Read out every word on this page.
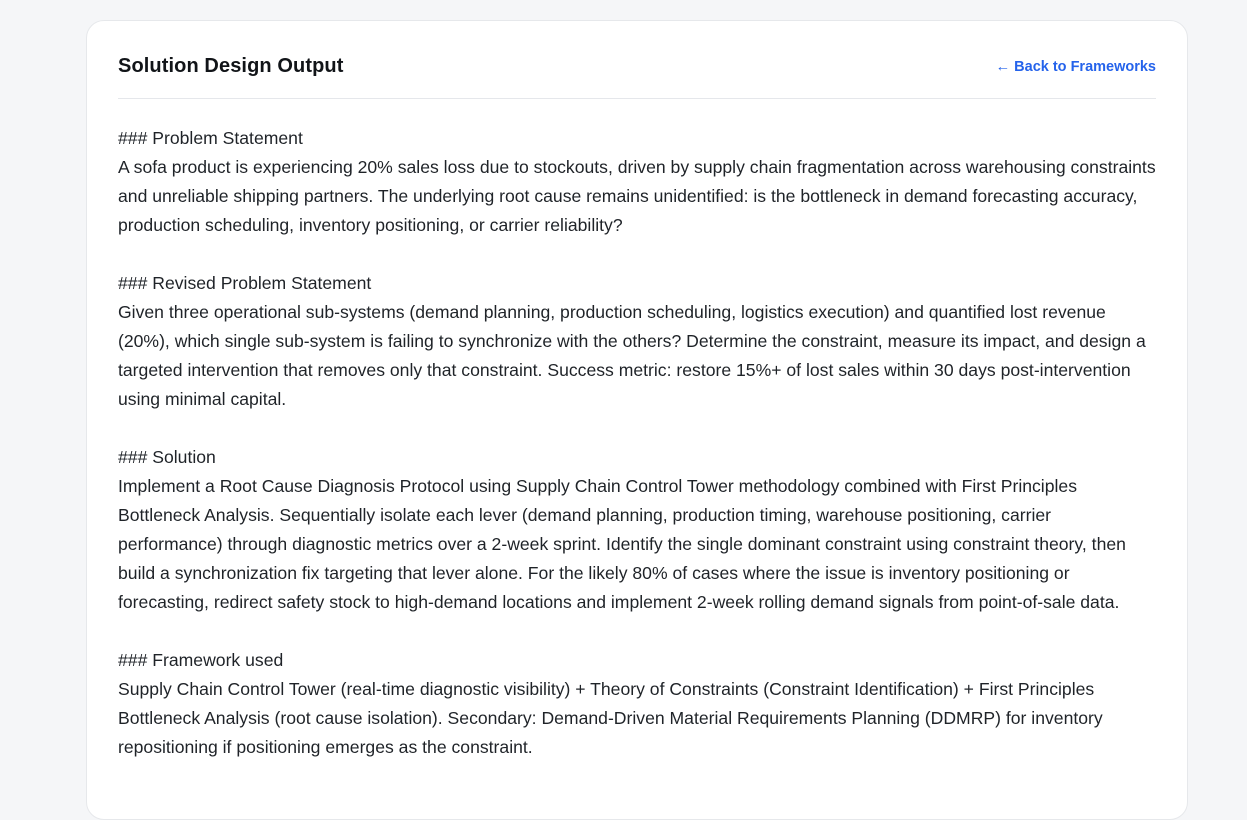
Solution Design Output	← Back to Frameworks

### Problem Statement

A sofa product is experiencing 20% sales loss due to stockouts, driven by supply chain fragmentation across warehousing constraints and unreliable shipping partners. The underlying root cause remains unidentified: is the bottleneck in demand forecasting accuracy, production scheduling, inventory positioning, or carrier reliability?

### Revised Problem Statement

Given three operational sub-systems (demand planning, production scheduling, logistics execution) and quantified lost revenue (20%), which single sub-system is failing to synchronize with the others? Determine the constraint, measure its impact, and design a targeted intervention that removes only that constraint. Success metric: restore 15%+ of lost sales within 30 days post-intervention using minimal capital.

### Solution

Implement a Root Cause Diagnosis Protocol using Supply Chain Control Tower methodology combined with First Principles Bottleneck Analysis. Sequentially isolate each lever (demand planning, production timing, warehouse positioning, carrier performance) through diagnostic metrics over a 2-week sprint. Identify the single dominant constraint using constraint theory, then build a synchronization fix targeting that lever alone. For the likely 80% of cases where the issue is inventory positioning or forecasting, redirect safety stock to high-demand locations and implement 2-week rolling demand signals from point-of-sale data.

### Framework used

Supply Chain Control Tower (real-time diagnostic visibility) + Theory of Constraints (Constraint Identification) + First Principles Bottleneck Analysis (root cause isolation). Secondary: Demand-Driven Material Requirements Planning (DDMRP) for inventory repositioning if positioning emerges as the constraint.
